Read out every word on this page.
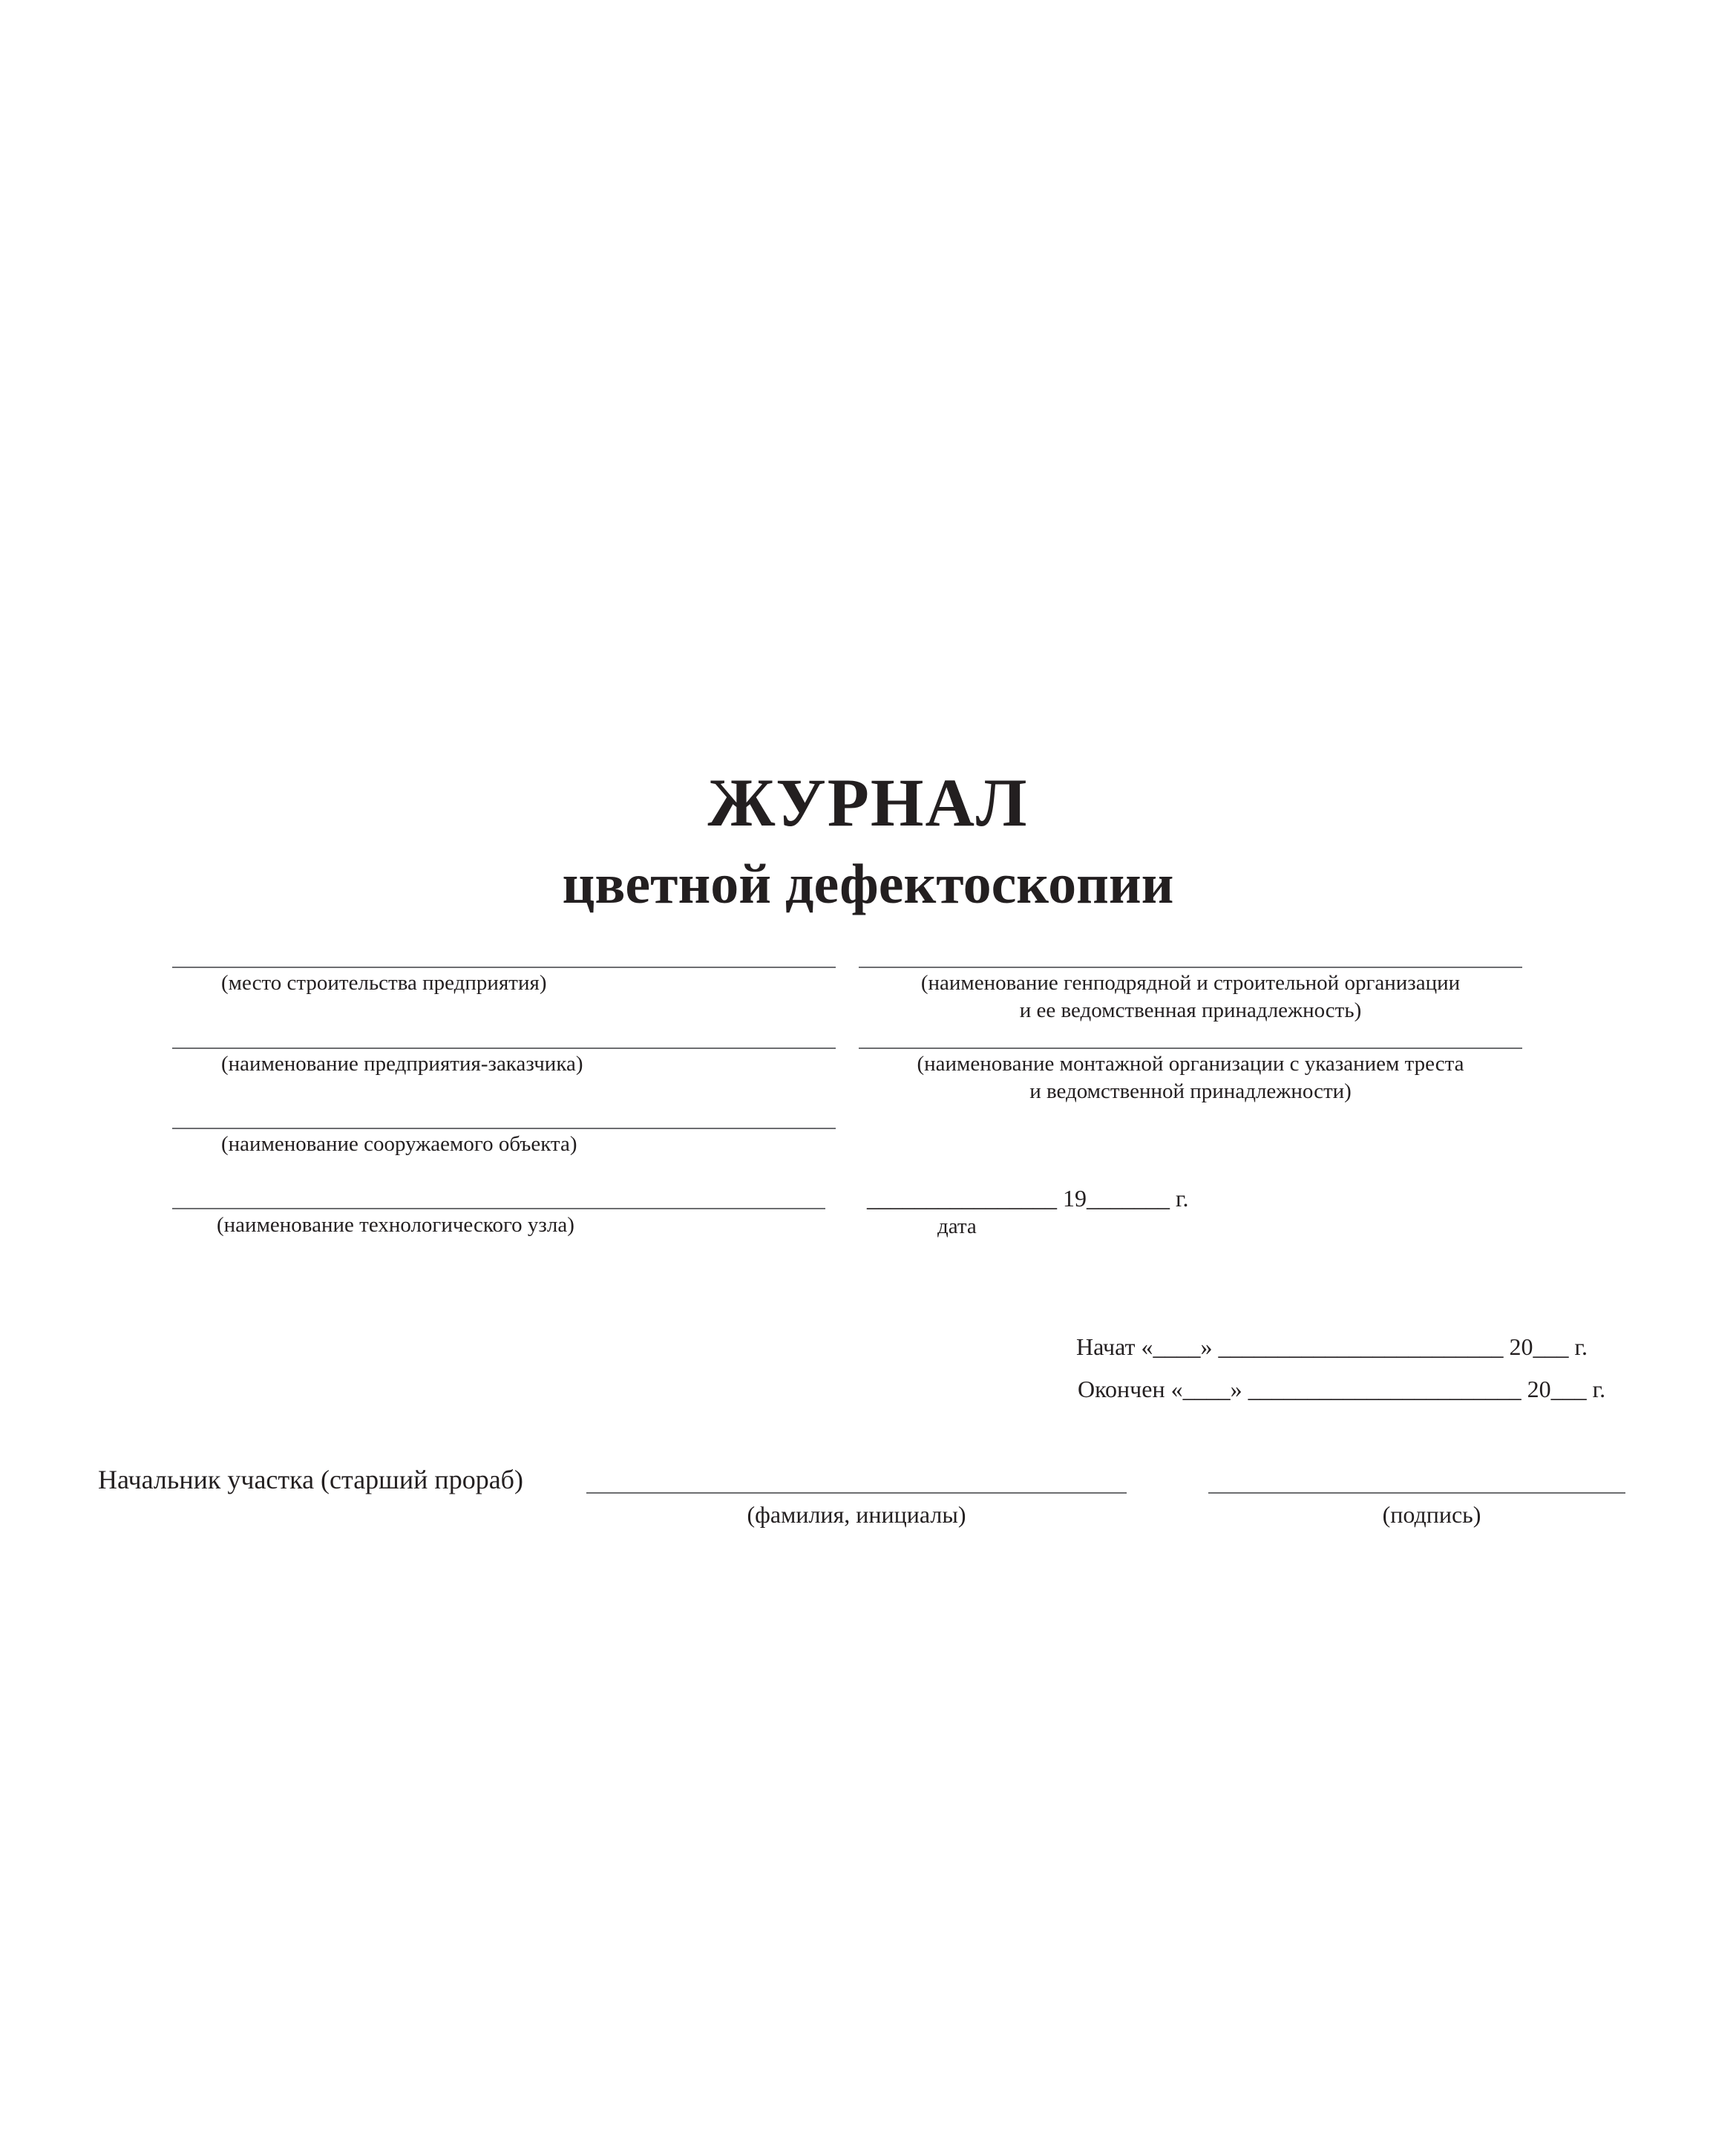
ЖУРНАЛ
цветной дефектоскопии
(место строительства предприятия)
(наименование предприятия-заказчика)
(наименование сооружаемого объекта)
(наименование технологического узла)
(наименование генподрядной и строительной организации
и ее ведомственная принадлежность)
(наименование монтажной организации с указанием треста
и ведомственной принадлежности)
________________ 19_______ г.
дата
Начат «____» ________________________ 20___ г.
Окончен «____» _______________________ 20___ г.
Начальник участка (старший прораб)
(фамилия, инициалы)	(подпись)
